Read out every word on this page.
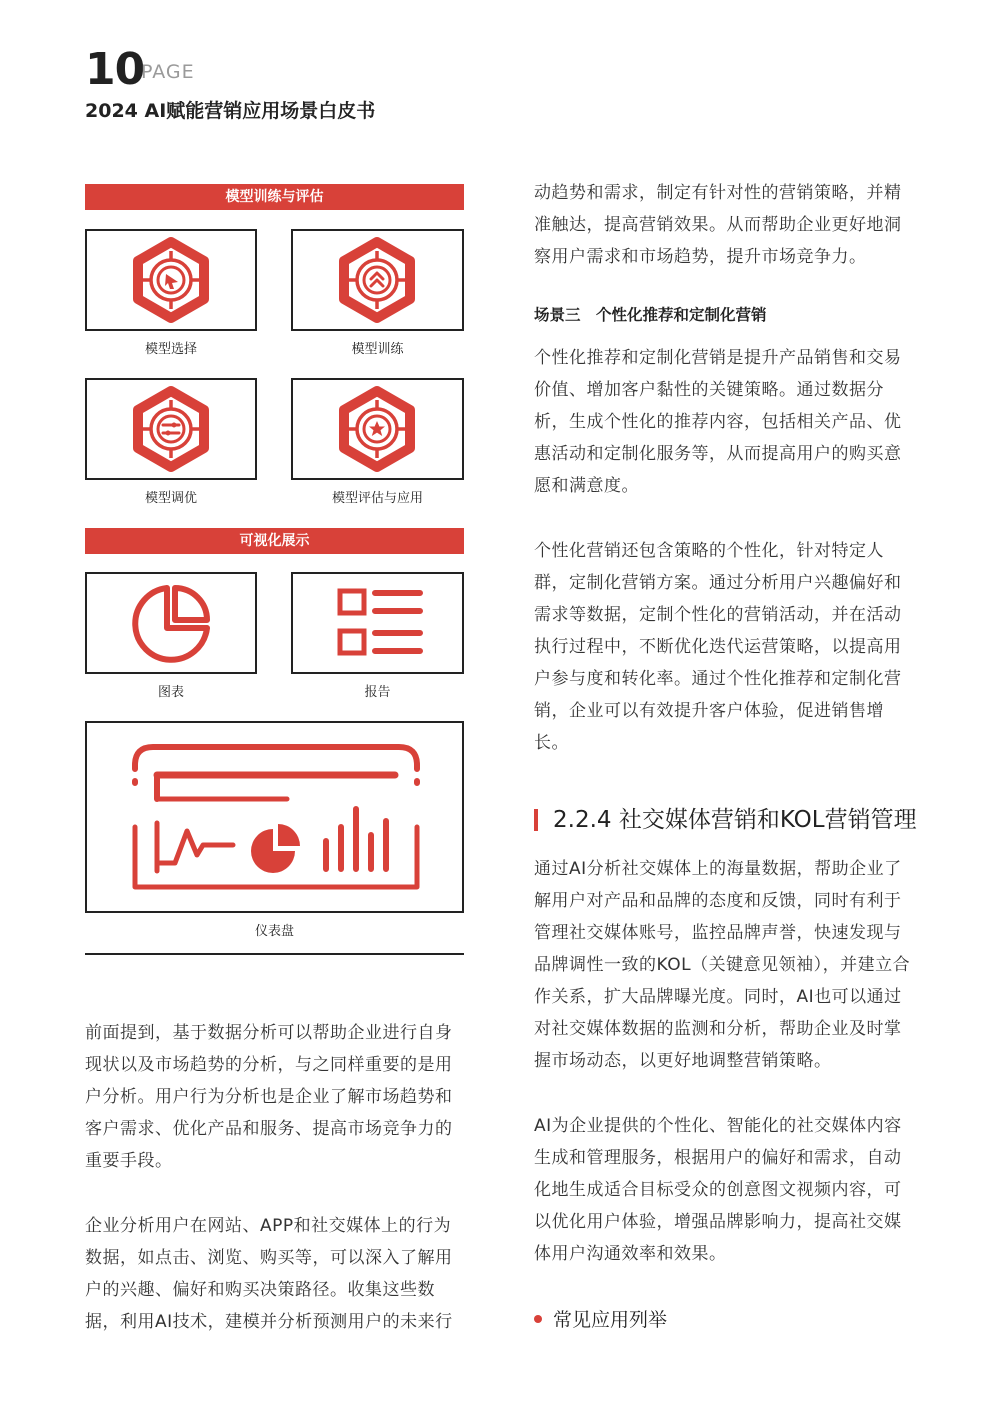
10
PAGE
2024 AI赋能营销应用场景白皮书
模型训练与评估
模型选择	模型训练
模型调优	模型评估与应用
可视化展示
图表	报告
仪表盘

前面提到，基于数据分析可以帮助企业进行自身现状以及市场趋势的分析，与之同样重要的是用户分析。用户行为分析也是企业了解市场趋势和客户需求、优化产品和服务、提高市场竞争力的重要手段。

企业分析用户在网站、APP和社交媒体上的行为数据，如点击、浏览、购买等，可以深入了解用户的兴趣、偏好和购买决策路径。收集这些数据，利用AI技术，建模并分析预测用户的未来行

动趋势和需求，制定有针对性的营销策略，并精准触达，提高营销效果。从而帮助企业更好地洞察用户需求和市场趋势，提升市场竞争力。

场景三　个性化推荐和定制化营销

个性化推荐和定制化营销是提升产品销售和交易价值、增加客户黏性的关键策略。通过数据分析，生成个性化的推荐内容，包括相关产品、优惠活动和定制化服务等，从而提高用户的购买意愿和满意度。

个性化营销还包含策略的个性化，针对特定人群，定制化营销方案。通过分析用户兴趣偏好和需求等数据，定制个性化的营销活动，并在活动执行过程中，不断优化迭代运营策略，以提高用户参与度和转化率。通过个性化推荐和定制化营销，企业可以有效提升客户体验，促进销售增长。

2.2.4 社交媒体营销和KOL营销管理

通过AI分析社交媒体上的海量数据，帮助企业了解用户对产品和品牌的态度和反馈，同时有利于管理社交媒体账号，监控品牌声誉，快速发现与品牌调性一致的KOL（关键意见领袖），并建立合作关系，扩大品牌曝光度。同时，AI也可以通过对社交媒体数据的监测和分析，帮助企业及时掌握市场动态，以更好地调整营销策略。

AI为企业提供的个性化、智能化的社交媒体内容生成和管理服务，根据用户的偏好和需求，自动化地生成适合目标受众的创意图文视频内容，可以优化用户体验，增强品牌影响力，提高社交媒体用户沟通效率和效果。

常见应用列举
